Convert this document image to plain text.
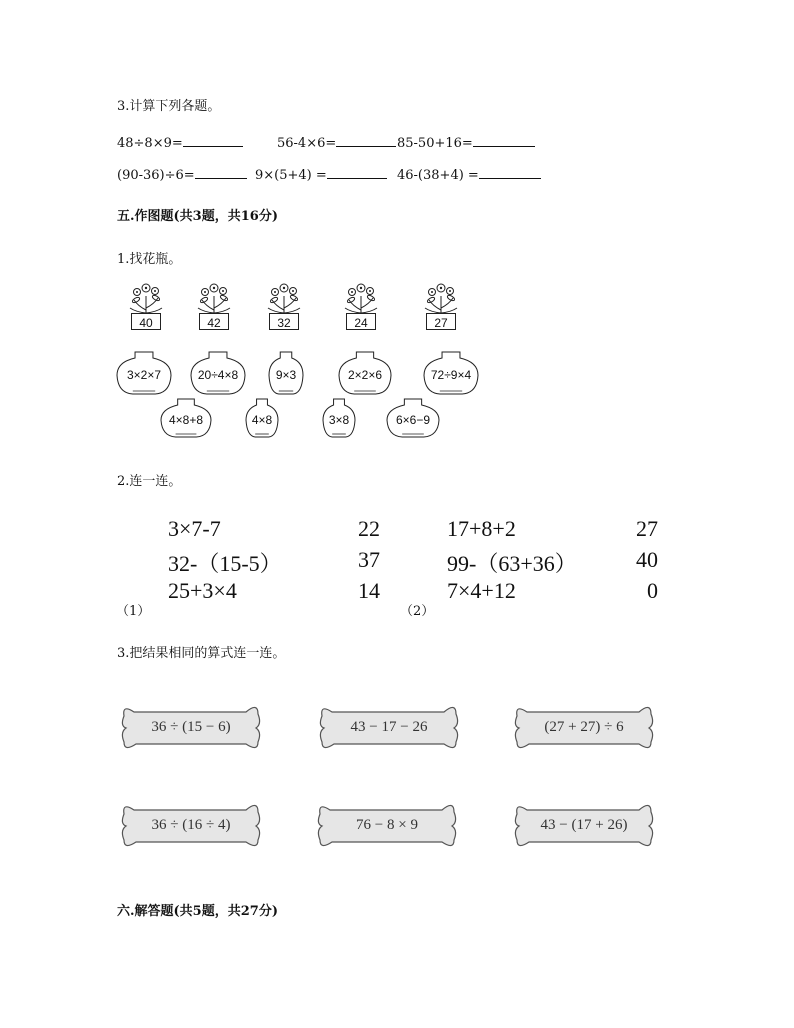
3.计算下列各题。
48÷8×9=	56-4×6=	85-50+16=
(90-36)÷6=	9×(5+4) =	46-(38+4) =
五.作图题(共3题，共16分)
1.找花瓶。
40	42	32	24	27
3×2×7	20÷4×8	9×3	2×2×6	72÷9×4
4×8+8	4×8	3×8	6×6−9
2.连一连。
3×7-7
32-（15-5）
25+3×4
22
37
14
（1）
17+8+2
99-（63+36）
7×4+12
27
40
0
（2）
3.把结果相同的算式连一连。
36 ÷ (15 − 6)	43 − 17 − 26	(27 + 27) ÷ 6
36 ÷ (16 ÷ 4)	76 − 8 × 9	43 − (17 + 26)
六.解答题(共5题，共27分)
